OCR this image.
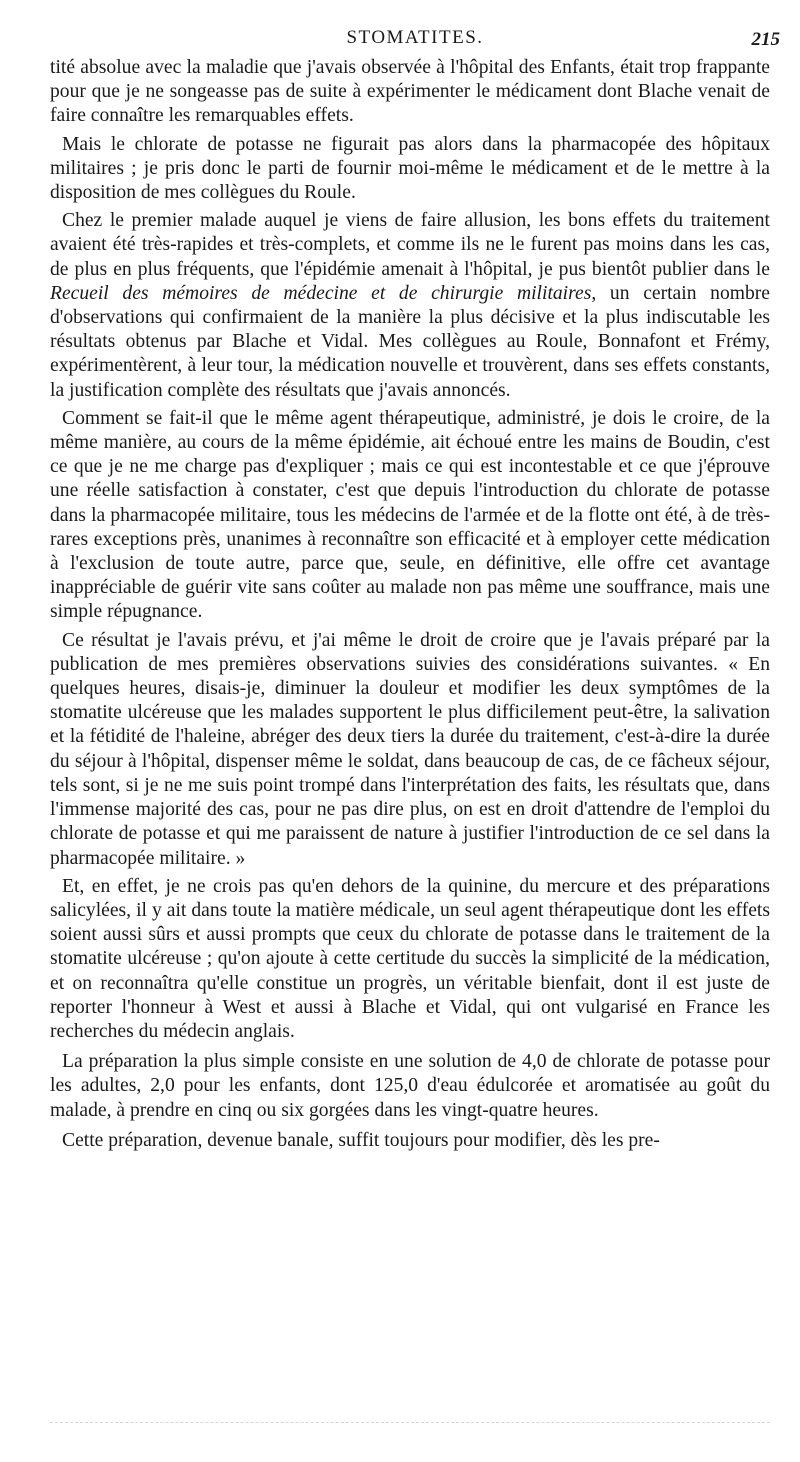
STOMATITES.	215

tité absolue avec la maladie que j'avais observée à l'hôpital des Enfants, était trop frappante pour que je ne songeasse pas de suite à expérimenter le médicament dont Blache venait de faire connaître les remarquables effets.

Mais le chlorate de potasse ne figurait pas alors dans la pharmacopée des hôpitaux militaires ; je pris donc le parti de fournir moi-même le médicament et de le mettre à la disposition de mes collègues du Roule.

Chez le premier malade auquel je viens de faire allusion, les bons effets du traitement avaient été très-rapides et très-complets, et comme ils ne le furent pas moins dans les cas, de plus en plus fréquents, que l'épidémie amenait à l'hôpital, je pus bientôt publier dans le Recueil des mémoires de médecine et de chirurgie militaires, un certain nombre d'observations qui confirmaient de la manière la plus décisive et la plus indiscutable les résultats obtenus par Blache et Vidal. Mes collègues au Roule, Bonnafont et Frémy, expérimentèrent, à leur tour, la médication nouvelle et trouvèrent, dans ses effets constants, la justification complète des résultats que j'avais annoncés.

Comment se fait-il que le même agent thérapeutique, administré, je dois le croire, de la même manière, au cours de la même épidémie, ait échoué entre les mains de Boudin, c'est ce que je ne me charge pas d'expliquer ; mais ce qui est incontestable et ce que j'éprouve une réelle satisfaction à constater, c'est que depuis l'introduction du chlorate de potasse dans la pharmacopée militaire, tous les médecins de l'armée et de la flotte ont été, à de très-rares exceptions près, unanimes à reconnaître son efficacité et à employer cette médication à l'exclusion de toute autre, parce que, seule, en définitive, elle offre cet avantage inappréciable de guérir vite sans coûter au malade non pas même une souffrance, mais une simple répugnance.

Ce résultat je l'avais prévu, et j'ai même le droit de croire que je l'avais préparé par la publication de mes premières observations suivies des considérations suivantes. « En quelques heures, disais-je, diminuer la douleur et modifier les deux symptômes de la stomatite ulcéreuse que les malades supportent le plus difficilement peut-être, la salivation et la fétidité de l'haleine, abréger des deux tiers la durée du traitement, c'est-à-dire la durée du séjour à l'hôpital, dispenser même le soldat, dans beaucoup de cas, de ce fâcheux séjour, tels sont, si je ne me suis point trompé dans l'interprétation des faits, les résultats que, dans l'immense majorité des cas, pour ne pas dire plus, on est en droit d'attendre de l'emploi du chlorate de potasse et qui me paraissent de nature à justifier l'introduction de ce sel dans la pharmacopée militaire. »

Et, en effet, je ne crois pas qu'en dehors de la quinine, du mercure et des préparations salicylées, il y ait dans toute la matière médicale, un seul agent thérapeutique dont les effets soient aussi sûrs et aussi prompts que ceux du chlorate de potasse dans le traitement de la stomatite ulcéreuse ; qu'on ajoute à cette certitude du succès la simplicité de la médication, et on reconnaîtra qu'elle constitue un progrès, un véritable bienfait, dont il est juste de reporter l'honneur à West et aussi à Blache et Vidal, qui ont vulgarisé en France les recherches du médecin anglais.

La préparation la plus simple consiste en une solution de 4,0 de chlorate de potasse pour les adultes, 2,0 pour les enfants, dont 125,0 d'eau édulcorée et aromatisée au goût du malade, à prendre en cinq ou six gorgées dans les vingt-quatre heures.

Cette préparation, devenue banale, suffit toujours pour modifier, dès les pre-
